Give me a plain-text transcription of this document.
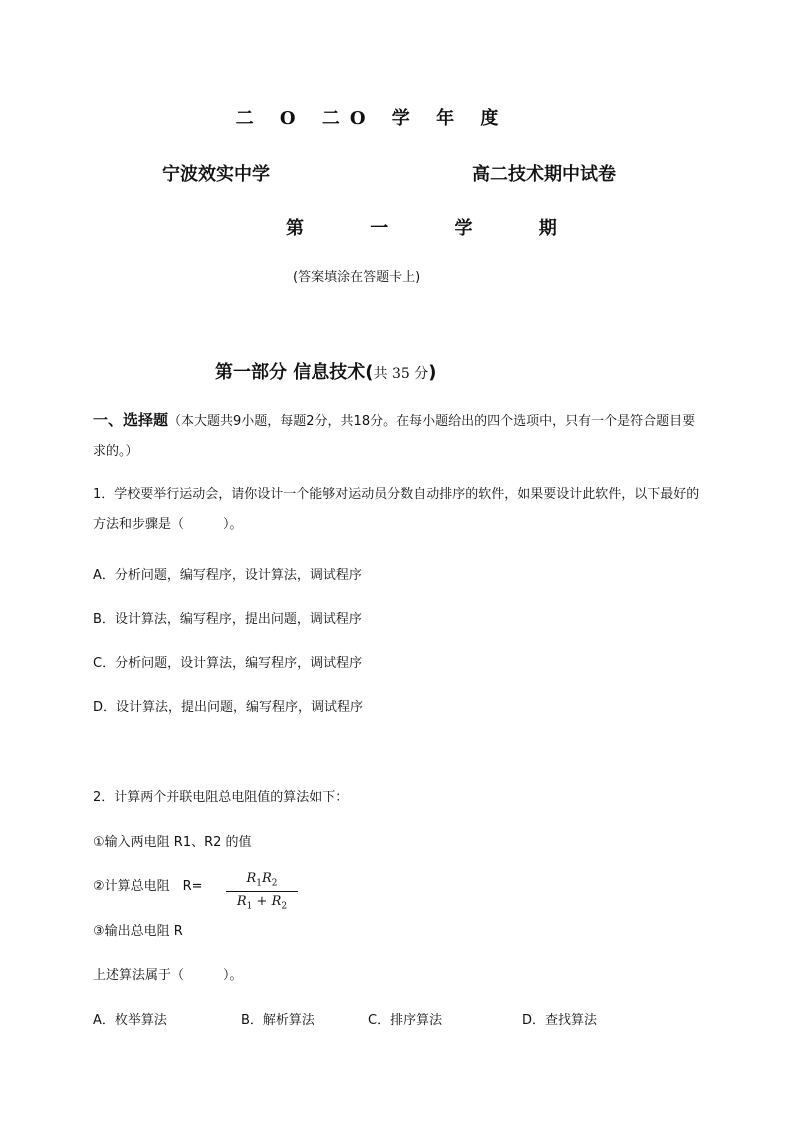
二 O 二O 学 年 度
宁波效实中学	高二技术期中试卷
第 一 学 期
(答案填涂在答题卡上)
第一部分 信息技术(共 35 分)
一、选择题（本大题共9小题，每题2分，共18分。在每小题给出的四个选项中，只有一个是符合题目要求的。）
1．学校要举行运动会，请你设计一个能够对运动员分数自动排序的软件，如果要设计此软件，以下最好的方法和步骤是（　　　）。
A．分析问题，编写程序，设计算法，调试程序
B．设计算法，编写程序，提出问题，调试程序
C．分析问题，设计算法，编写程序，调试程序
D．设计算法，提出问题，编写程序，调试程序
2．计算两个并联电阻总电阻值的算法如下：
①输入两电阻 R1、R2 的值
②计算总电阻　R=
$R_1R_2$
$R_1 + R_2$
③输出总电阻 R
上述算法属于（　　　）。
A．枚举算法	B．解析算法	C．排序算法	D．查找算法
